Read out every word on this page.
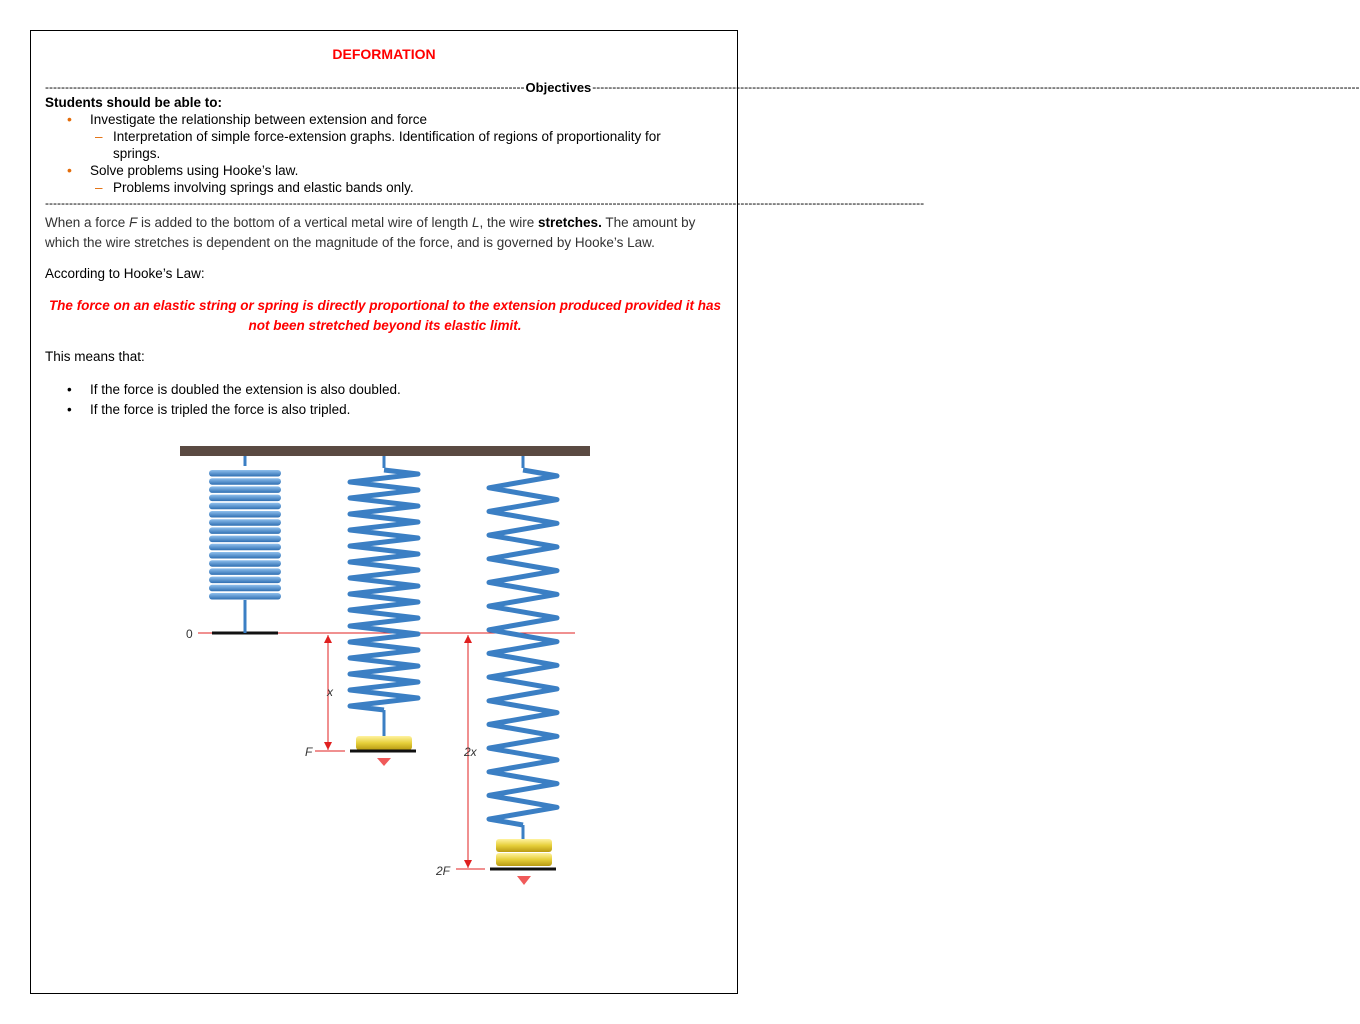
DEFORMATION
------------------------------------------------------------------------------------------------------------------------ Objectives ------------------------------------------------------------------------------------------------------------------------------------------------------------------------------------------------
Students should be able to:
• Investigate the relationship between extension and force
– Interpretation of simple force-extension graphs. Identification of regions of proportionality for springs.
• Solve problems using Hooke’s law.
– Problems involving springs and elastic bands only.
----------------------------------------------------------------------------------------------------------------------------------------------------------------------------------------------------------------------------
When a force F is added to the bottom of a vertical metal wire of length L, the wire stretches. The amount by which the wire stretches is dependent on the magnitude of the force, and is governed by Hooke’s Law.
According to Hooke’s Law:
The force on an elastic string or spring is directly proportional to the extension produced provided it has not been stretched beyond its elastic limit.
This means that:
• If the force is doubled the extension is also doubled.
• If the force is tripled the force is also tripled.
0
x
F	2x
2F
